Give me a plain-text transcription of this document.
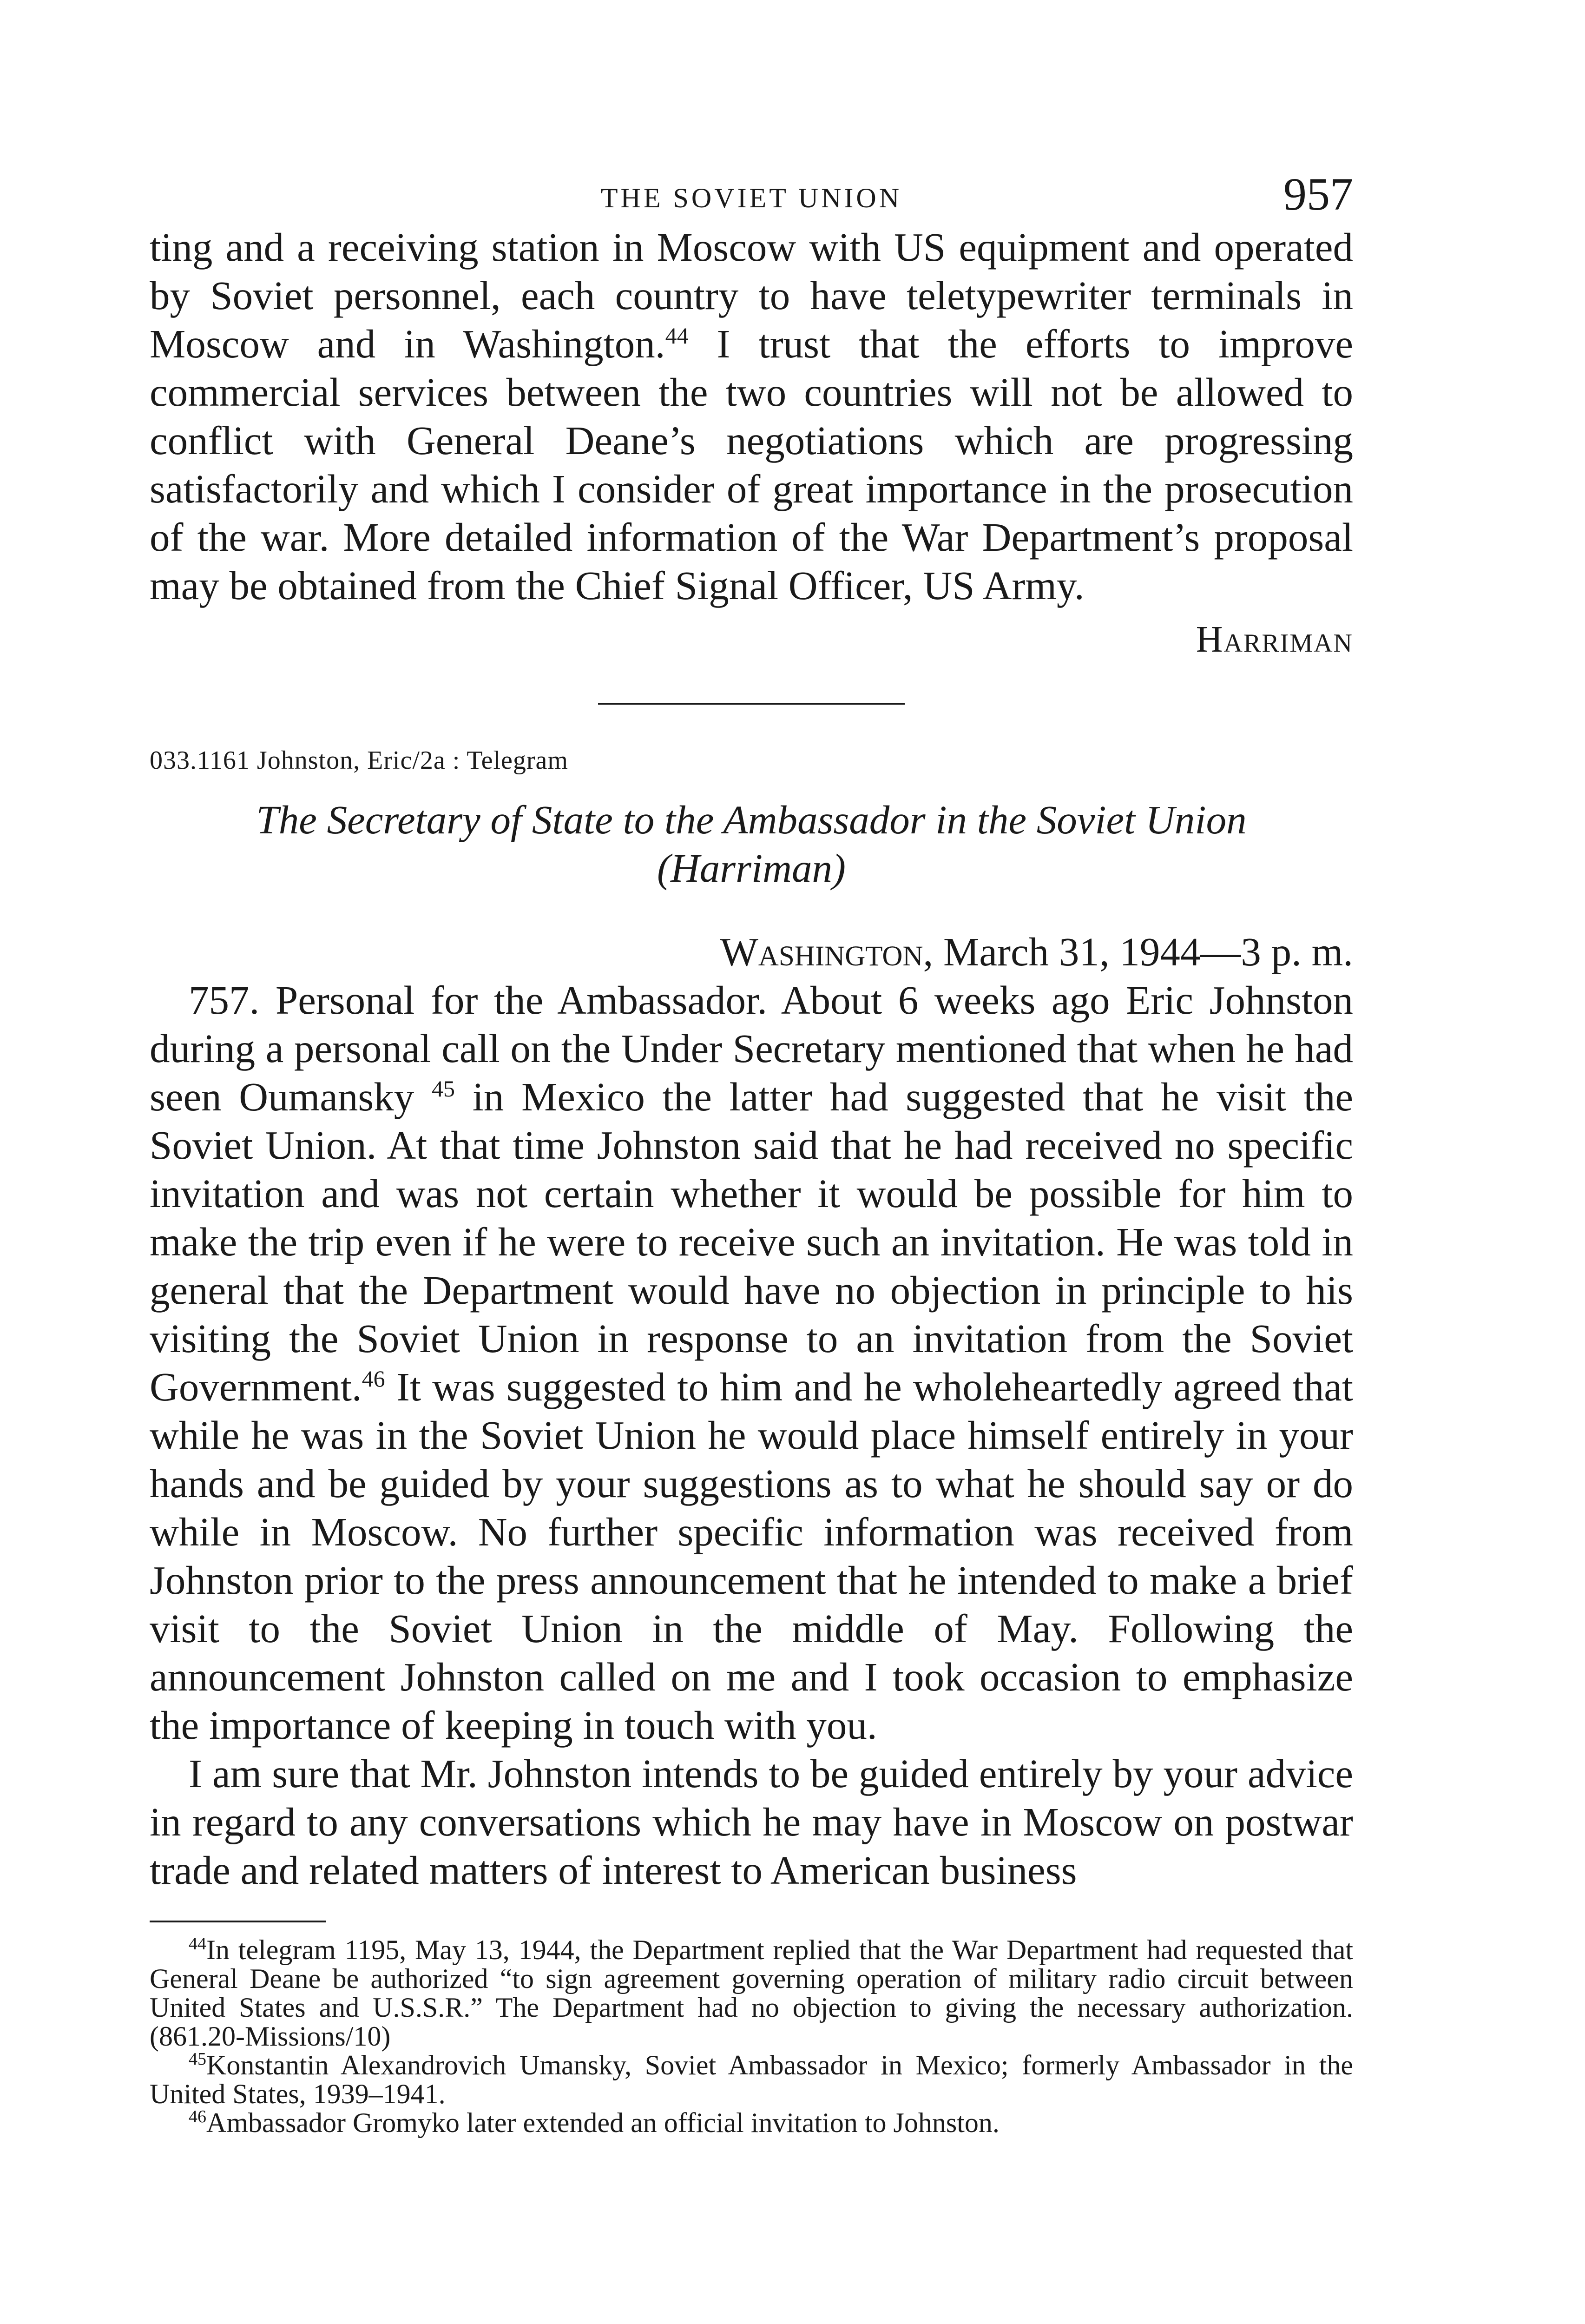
THE SOVIET UNION	957

ting and a receiving station in Moscow with US equipment and operated by Soviet personnel, each country to have teletypewriter terminals in Moscow and in Washington.$^{44}$ I trust that the efforts to improve commercial services between the two countries will not be allowed to conflict with General Deane’s negotiations which are progressing satisfactorily and which I consider of great importance in the prosecution of the war. More detailed information of the War Department’s proposal may be obtained from the Chief Signal Officer, US Army.

Harriman

033.1161 Johnston, Eric/2a : Telegram

The Secretary of State to the Ambassador in the Soviet Union
(Harriman)

Washington, March 31, 1944—3 p. m.

757. Personal for the Ambassador. About 6 weeks ago Eric Johnston during a personal call on the Under Secretary mentioned that when he had seen Oumansky $^{45}$ in Mexico the latter had suggested that he visit the Soviet Union. At that time Johnston said that he had received no specific invitation and was not certain whether it would be possible for him to make the trip even if he were to receive such an invitation. He was told in general that the Department would have no objection in principle to his visiting the Soviet Union in response to an invitation from the Soviet Government.$^{46}$ It was suggested to him and he wholeheartedly agreed that while he was in the Soviet Union he would place himself entirely in your hands and be guided by your suggestions as to what he should say or do while in Moscow. No further specific information was received from Johnston prior to the press announcement that he intended to make a brief visit to the Soviet Union in the middle of May. Following the announcement Johnston called on me and I took occasion to emphasize the importance of keeping in touch with you.

I am sure that Mr. Johnston intends to be guided entirely by your advice in regard to any conversations which he may have in Moscow on postwar trade and related matters of interest to American business

$^{44}$In telegram 1195, May 13, 1944, the Department replied that the War Department had requested that General Deane be authorized “to sign agreement governing operation of military radio circuit between United States and U.S.S.R.” The Department had no objection to giving the necessary authorization. (861.20-Missions/10)

$^{45}$Konstantin Alexandrovich Umansky, Soviet Ambassador in Mexico; formerly Ambassador in the United States, 1939–1941.

$^{46}$Ambassador Gromyko later extended an official invitation to Johnston.
